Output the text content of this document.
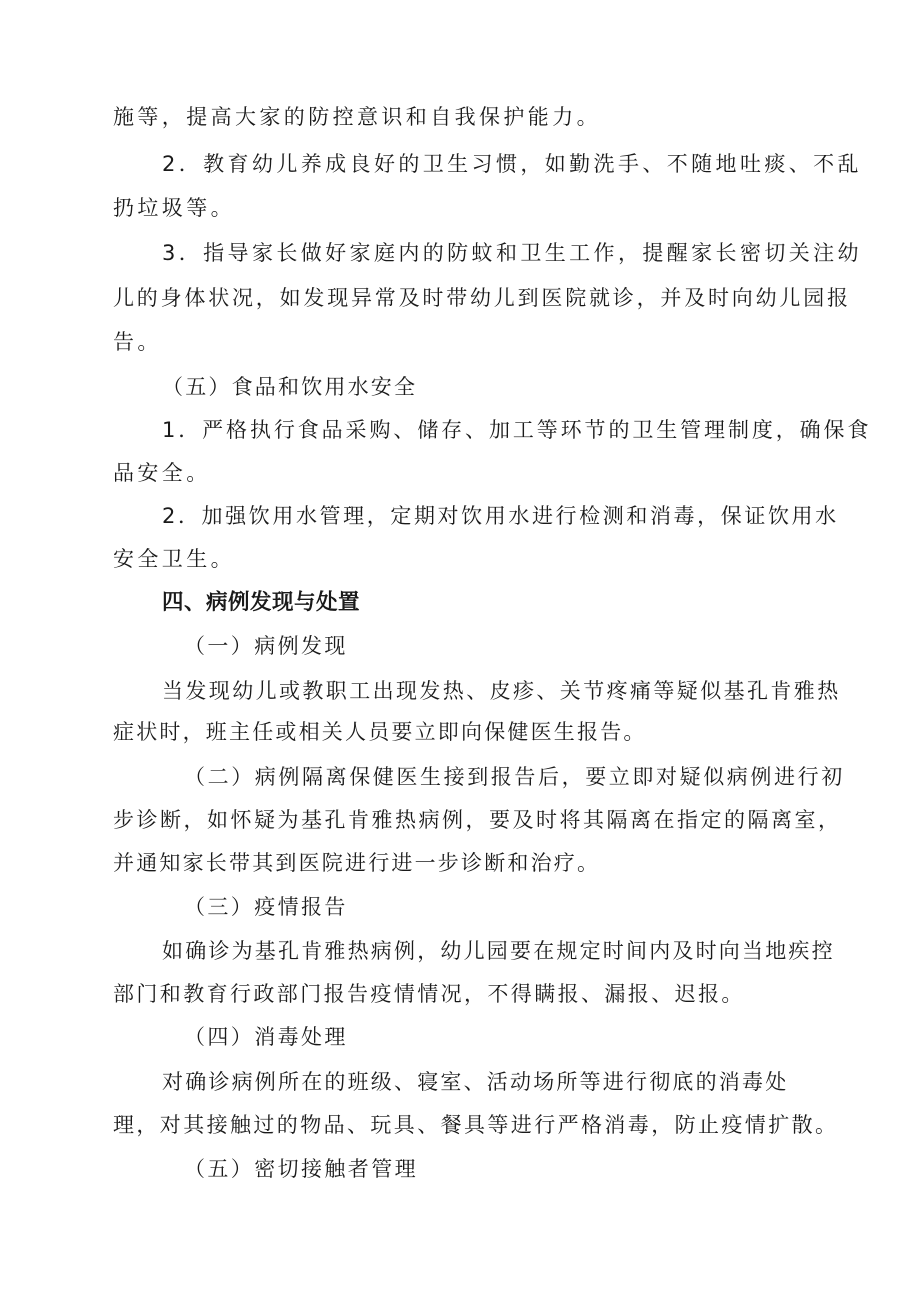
施等，提高大家的防控意识和自我保护能力。
2．教育幼儿养成良好的卫生习惯，如勤洗手、不随地吐痰、不乱
扔垃圾等。
3．指导家长做好家庭内的防蚊和卫生工作，提醒家长密切关注幼
儿的身体状况，如发现异常及时带幼儿到医院就诊，并及时向幼儿园报
告。
（五）食品和饮用水安全
1．严格执行食品采购、储存、加工等环节的卫生管理制度，确保食
品安全。
2．加强饮用水管理，定期对饮用水进行检测和消毒，保证饮用水
安全卫生。
四、病例发现与处置
（一）病例发现
当发现幼儿或教职工出现发热、皮疹、关节疼痛等疑似基孔肯雅热
症状时，班主任或相关人员要立即向保健医生报告。
（二）病例隔离保健医生接到报告后，要立即对疑似病例进行初
步诊断，如怀疑为基孔肯雅热病例，要及时将其隔离在指定的隔离室，
并通知家长带其到医院进行进一步诊断和治疗。
（三）疫情报告
如确诊为基孔肯雅热病例，幼儿园要在规定时间内及时向当地疾控
部门和教育行政部门报告疫情情况，不得瞒报、漏报、迟报。
（四）消毒处理
对确诊病例所在的班级、寝室、活动场所等进行彻底的消毒处
理，对其接触过的物品、玩具、餐具等进行严格消毒，防止疫情扩散。
（五）密切接触者管理
